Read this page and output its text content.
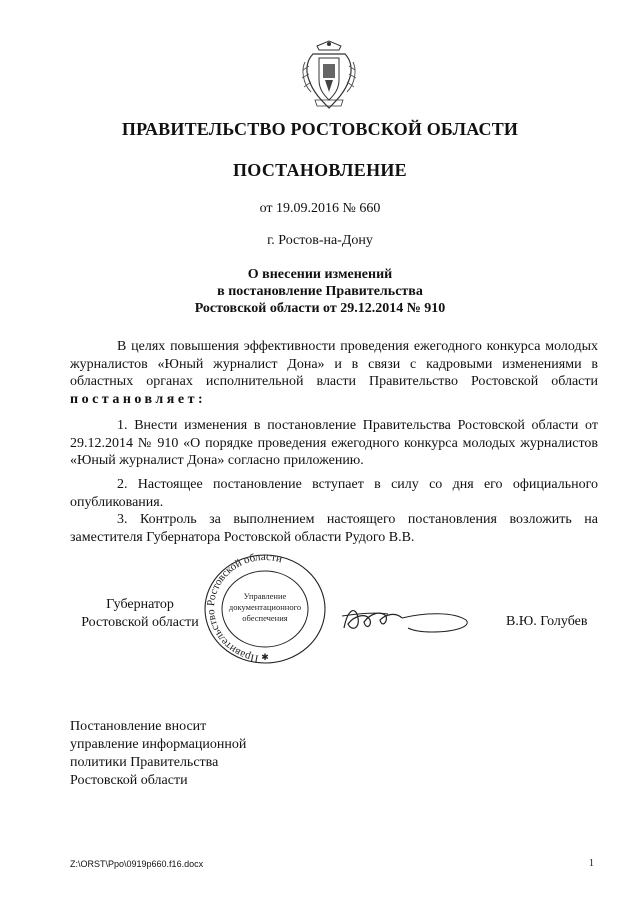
ПРАВИТЕЛЬСТВО РОСТОВСКОЙ ОБЛАСТИ
ПОСТАНОВЛЕНИЕ
от 19.09.2016 № 660
г. Ростов-на-Дону
О внесении изменений
в постановление Правительства
Ростовской области от 29.12.2014 № 910
В целях повышения эффективности проведения ежегодного конкурса молодых журналистов «Юный журналист Дона» и в связи с кадровыми изменениями в областных органах исполнительной власти Правительство Ростовской области постановляет:
1. Внести изменения в постановление Правительства Ростовской области от 29.12.2014 № 910 «О порядке проведения ежегодного конкурса молодых журналистов «Юный журналист Дона» согласно приложению.
2. Настоящее постановление вступает в силу со дня его официального опубликования.
3. Контроль за выполнением настоящего постановления возложить на заместителя Губернатора Ростовской области Рудого В.В.
Губернатор
Ростовской области
Правительство Ростовской области
Управление
документационного
обеспечения
✱
В.Ю. Голубев
Постановление вносит
управление информационной
политики Правительства
Ростовской области
Z:\ORST\Ppo\0919p660.f16.docx	1
